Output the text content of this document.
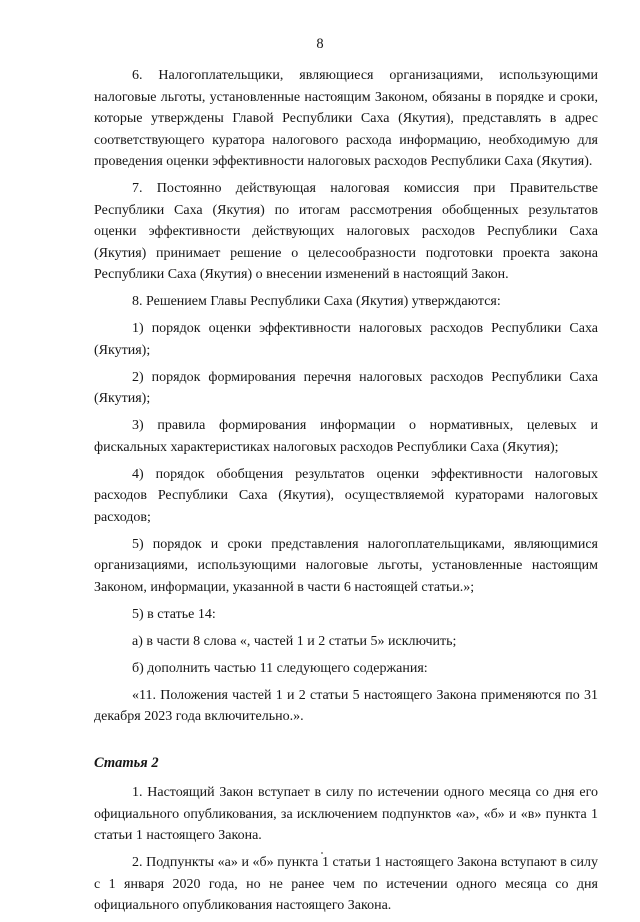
8

6. Налогоплательщики, являющиеся организациями, использующими налоговые льготы, установленные настоящим Законом, обязаны в порядке и сроки, которые утверждены Главой Республики Саха (Якутия), представлять в адрес соответствующего куратора налогового расхода информацию, необходимую для проведения оценки эффективности налоговых расходов Республики Саха (Якутия).

7. Постоянно действующая налоговая комиссия при Правительстве Республики Саха (Якутия) по итогам рассмотрения обобщенных результатов оценки эффективности действующих налоговых расходов Республики Саха (Якутия) принимает решение о целесообразности подготовки проекта закона Республики Саха (Якутия) о внесении изменений в настоящий Закон.

8. Решением Главы Республики Саха (Якутия) утверждаются:

1) порядок оценки эффективности налоговых расходов Республики Саха (Якутия);

2) порядок формирования перечня налоговых расходов Республики Саха (Якутия);

3) правила формирования информации о нормативных, целевых и фискальных характеристиках налоговых расходов Республики Саха (Якутия);

4) порядок обобщения результатов оценки эффективности налоговых расходов Республики Саха (Якутия), осуществляемой кураторами налоговых расходов;

5) порядок и сроки представления налогоплательщиками, являющимися организациями, использующими налоговые льготы, установленные настоящим Законом, информации, указанной в части 6 настоящей статьи.»;

5) в статье 14:

а) в части 8 слова «, частей 1 и 2 статьи 5» исключить;

б) дополнить частью 11 следующего содержания:

«11. Положения частей 1 и 2 статьи 5 настоящего Закона применяются по 31 декабря 2023 года включительно.».

Статья 2

1. Настоящий Закон вступает в силу по истечении одного месяца со дня его официального опубликования, за исключением подпунктов «а», «б» и «в» пункта 1 статьи 1 настоящего Закона.

2. Подпункты «а» и «б» пункта 1 статьи 1 настоящего Закона вступают в силу с 1 января 2020 года, но не ранее чем по истечении одного месяца со дня официального опубликования настоящего Закона.
